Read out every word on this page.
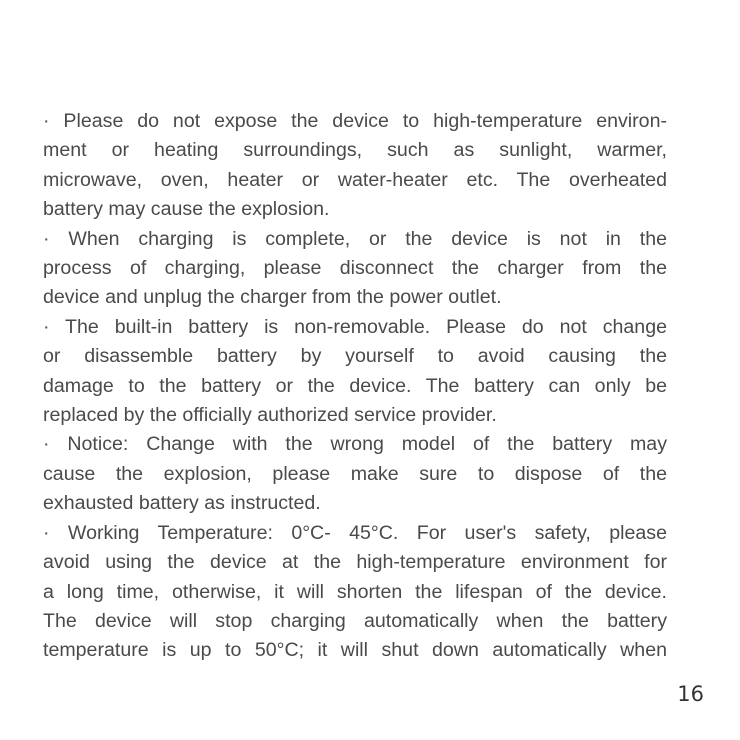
· Please do not expose the device to high-temperature environ-
ment or heating surroundings, such as sunlight, warmer,
microwave, oven, heater or water-heater etc. The overheated
battery may cause the explosion.
· When charging is complete, or the device is not in the
process of charging, please disconnect the charger from the
device and unplug the charger from the power outlet.
· The built-in battery is non-removable. Please do not change
or disassemble battery by yourself to avoid causing the
damage to the battery or the device. The battery can only be
replaced by the officially authorized service provider.
· Notice: Change with the wrong model of the battery may
cause the explosion, please make sure to dispose of the
exhausted battery as instructed.
· Working Temperature: 0°C- 45°C. For user's safety, please
avoid using the device at the high-temperature environment for
a long time, otherwise, it will shorten the lifespan of the device.
The device will stop charging automatically when the battery
temperature is up to 50°C; it will shut down automatically when
16
